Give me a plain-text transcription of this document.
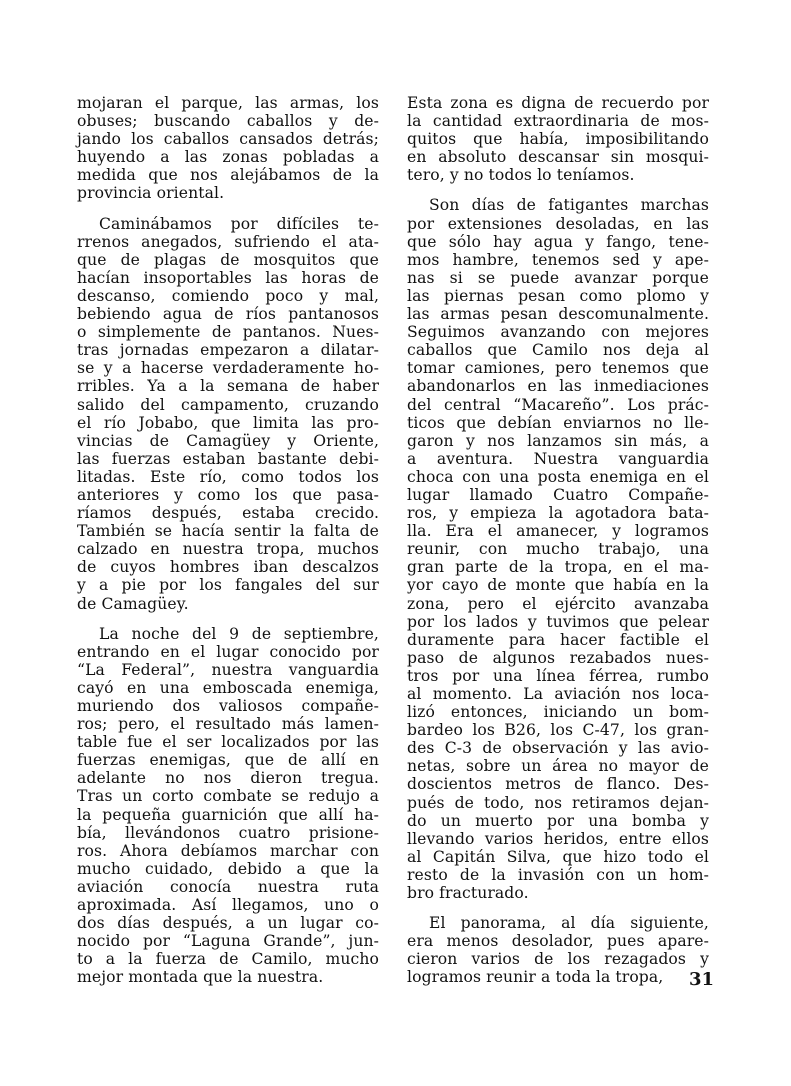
mojaran el parque, las armas, los
obuses; buscando caballos y de-
jando los caballos cansados detrás;
huyendo a las zonas pobladas a
medida que nos alejábamos de la
provincia oriental.
Caminábamos por difíciles te-
rrenos anegados, sufriendo el ata-
que de plagas de mosquitos que
hacían insoportables las horas de
descanso, comiendo poco y mal,
bebiendo agua de ríos pantanosos
o simplemente de pantanos. Nues-
tras jornadas empezaron a dilatar-
se y a hacerse verdaderamente ho-
rribles. Ya a la semana de haber
salido del campamento, cruzando
el río Jobabo, que limita las pro-
vincias de Camagüey y Oriente,
las fuerzas estaban bastante debi-
litadas. Este río, como todos los
anteriores y como los que pasa-
ríamos después, estaba crecido.
También se hacía sentir la falta de
calzado en nuestra tropa, muchos
de cuyos hombres iban descalzos
y a pie por los fangales del sur
de Camagüey.
La noche del 9 de septiembre,
entrando en el lugar conocido por
“La Federal”, nuestra vanguardia
cayó en una emboscada enemiga,
muriendo dos valiosos compañe-
ros; pero, el resultado más lamen-
table fue el ser localizados por las
fuerzas enemigas, que de allí en
adelante no nos dieron tregua.
Tras un corto combate se redujo a
la pequeña guarnición que allí ha-
bía, llevándonos cuatro prisione-
ros. Ahora debíamos marchar con
mucho cuidado, debido a que la
aviación conocía nuestra ruta
aproximada. Así llegamos, uno o
dos días después, a un lugar co-
nocido por “Laguna Grande”, jun-
to a la fuerza de Camilo, mucho
mejor montada que la nuestra.
Esta zona es digna de recuerdo por
la cantidad extraordinaria de mos-
quitos que había, imposibilitando
en absoluto descansar sin mosqui-
tero, y no todos lo teníamos.
Son días de fatigantes marchas
por extensiones desoladas, en las
que sólo hay agua y fango, tene-
mos hambre, tenemos sed y ape-
nas si se puede avanzar porque
las piernas pesan como plomo y
las armas pesan descomunalmente.
Seguimos avanzando con mejores
caballos que Camilo nos deja al
tomar camiones, pero tenemos que
abandonarlos en las inmediaciones
del central “Macareño”. Los prác-
ticos que debían enviarnos no lle-
garon y nos lanzamos sin más, a
a aventura. Nuestra vanguardia
choca con una posta enemiga en el
lugar llamado Cuatro Compañe-
ros, y empieza la agotadora bata-
lla. Era el amanecer, y logramos
reunir, con mucho trabajo, una
gran parte de la tropa, en el ma-
yor cayo de monte que había en la
zona, pero el ejército avanzaba
por los lados y tuvimos que pelear
duramente para hacer factible el
paso de algunos rezabados nues-
tros por una línea férrea, rumbo
al momento. La aviación nos loca-
lizó entonces, iniciando un bom-
bardeo los B26, los C-47, los gran-
des C-3 de observación y las avio-
netas, sobre un área no mayor de
doscientos metros de flanco. Des-
pués de todo, nos retiramos dejan-
do un muerto por una bomba y
llevando varios heridos, entre ellos
al Capitán Silva, que hizo todo el
resto de la invasión con un hom-
bro fracturado.
El panorama, al día siguiente,
era menos desolador, pues apare-
cieron varios de los rezagados y
logramos reunir a toda la tropa,	31
